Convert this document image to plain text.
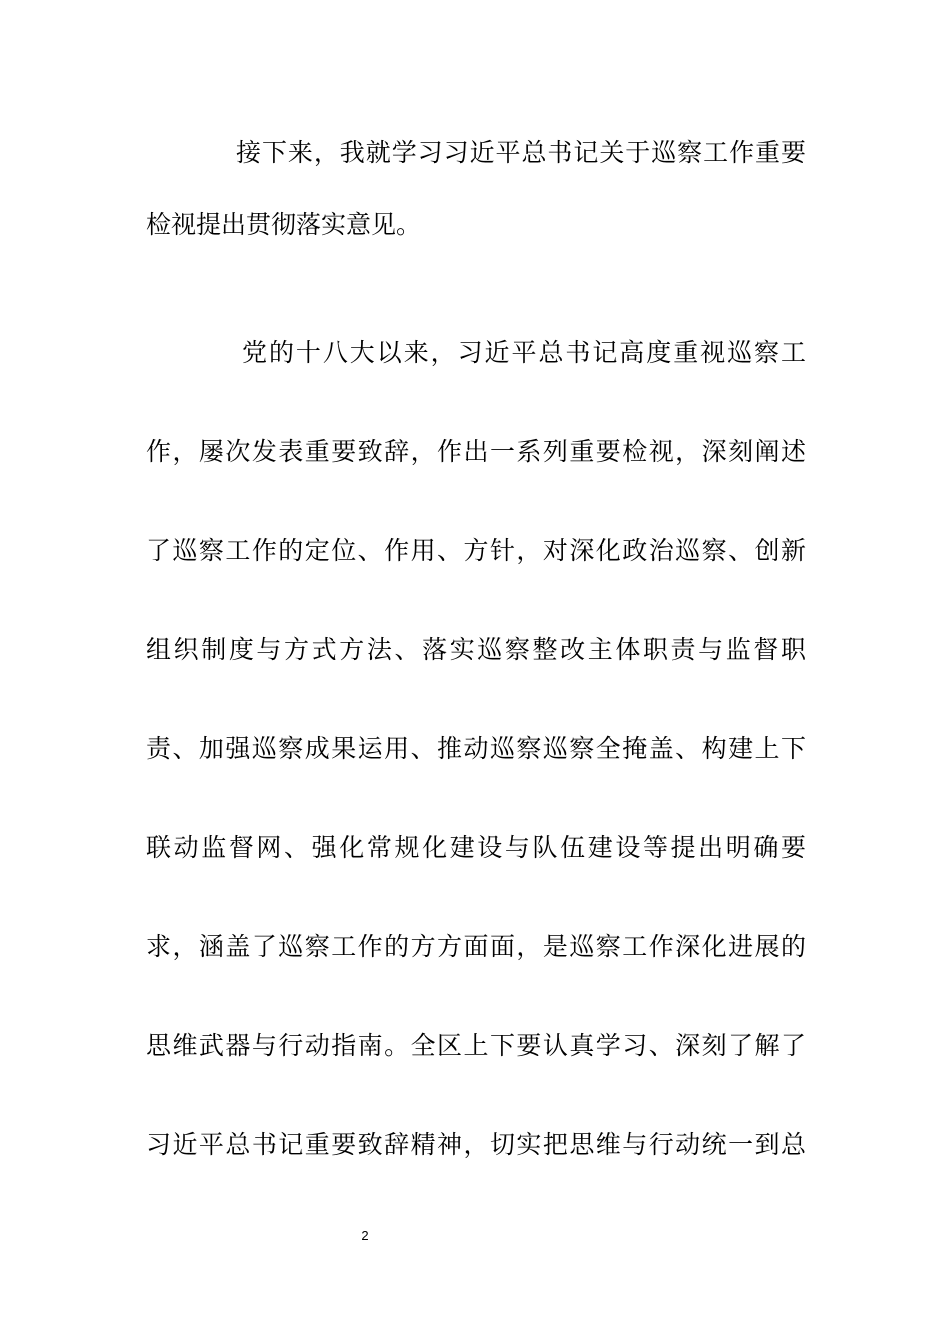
接下来，我就学习习近平总书记关于巡察工作重要
检视提出贯彻落实意见。
党的十八大以来，习近平总书记高度重视巡察工
作，屡次发表重要致辞，作出一系列重要检视，深刻阐述
了巡察工作的定位、作用、方针，对深化政治巡察、创新
组织制度与方式方法、落实巡察整改主体职责与监督职
责、加强巡察成果运用、推动巡察巡察全掩盖、构建上下
联动监督网、强化常规化建设与队伍建设等提出明确要
求，涵盖了巡察工作的方方面面，是巡察工作深化进展的
思维武器与行动指南。全区上下要认真学习、深刻了解了
习近平总书记重要致辞精神，切实把思维与行动统一到总
2
